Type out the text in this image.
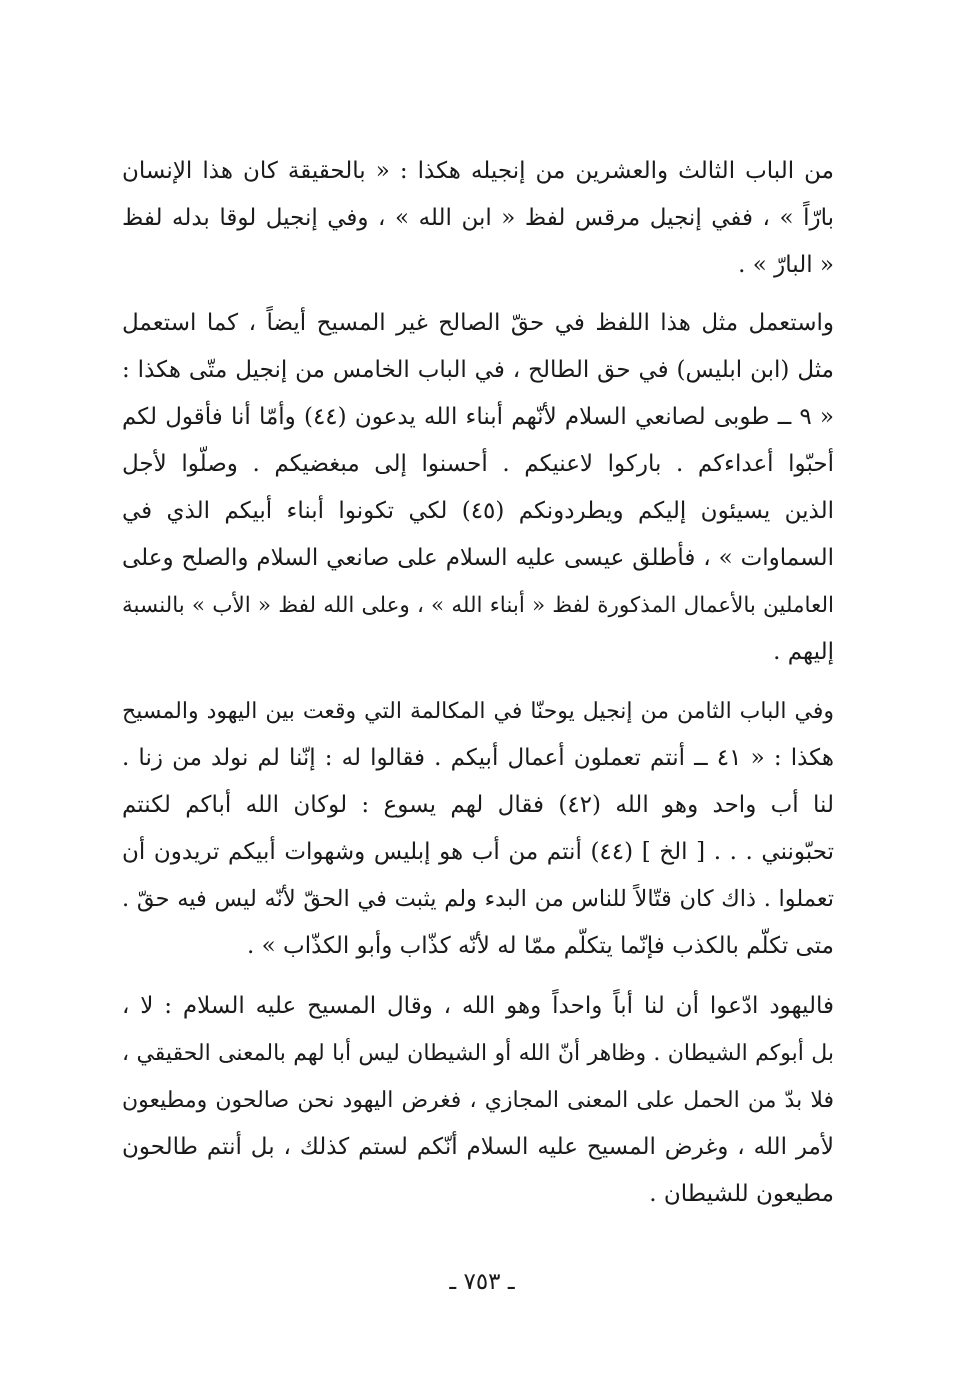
من الباب الثالث والعشرين من إنجيله هكذا : « بالحقيقة كان هذا الإنسان
بارّاً » ، ففي إنجيل مرقس لفظ « ابن الله » ، وفي إنجيل لوقا بدله لفظ
« البارّ » .
واستعمل مثل هذا اللفظ في حقّ الصالح غير المسيح أيضاً ، كما استعمل
مثل (ابن ابليس) في حق الطالح ، في الباب الخامس من إنجيل متّى هكذا :
« ٩ ــ طوبى لصانعي السلام لأنّهم أبناء الله يدعون (٤٤) وأمّا أنا فأقول لكم
أحبّوا أعداءكم . باركوا لاعنيكم . أحسنوا إلى مبغضيكم . وصلّوا لأجل
الذين يسيئون إليكم ويطردونكم (٤٥) لكي تكونوا أبناء أبيكم الذي في
السماوات » ، فأطلق عيسى عليه السلام على صانعي السلام والصلح وعلى
العاملين بالأعمال المذكورة لفظ « أبناء الله » ، وعلى الله لفظ « الأب » بالنسبة
إليهم .
وفي الباب الثامن من إنجيل يوحنّا في المكالمة التي وقعت بين اليهود والمسيح
هكذا : « ٤١ ــ أنتم تعملون أعمال أبيكم . فقالوا له : إنّنا لم نولد من زنا .
لنا أب واحد وهو الله (٤٢) فقال لهم يسوع : لوكان الله أباكم لكنتم
تحبّونني . . . [ الخ ] (٤٤) أنتم من أب هو إبليس وشهوات أبيكم تريدون أن
تعملوا . ذاك كان قتّالاً للناس من البدء ولم يثبت في الحقّ لأنّه ليس فيه حقّ .
متى تكلّم بالكذب فإنّما يتكلّم ممّا له لأنّه كذّاب وأبو الكذّاب » .
فاليهود ادّعوا أن لنا أباً واحداً وهو الله ، وقال المسيح عليه السلام : لا ،
بل أبوكم الشيطان . وظاهر أنّ الله أو الشيطان ليس أبا لهم بالمعنى الحقيقي ،
فلا بدّ من الحمل على المعنى المجازي ، فغرض اليهود نحن صالحون ومطيعون
لأمر الله ، وغرض المسيح عليه السلام أنّكم لستم كذلك ، بل أنتم طالحون
مطيعون للشيطان .
ـ ٧٥٣ ـ
